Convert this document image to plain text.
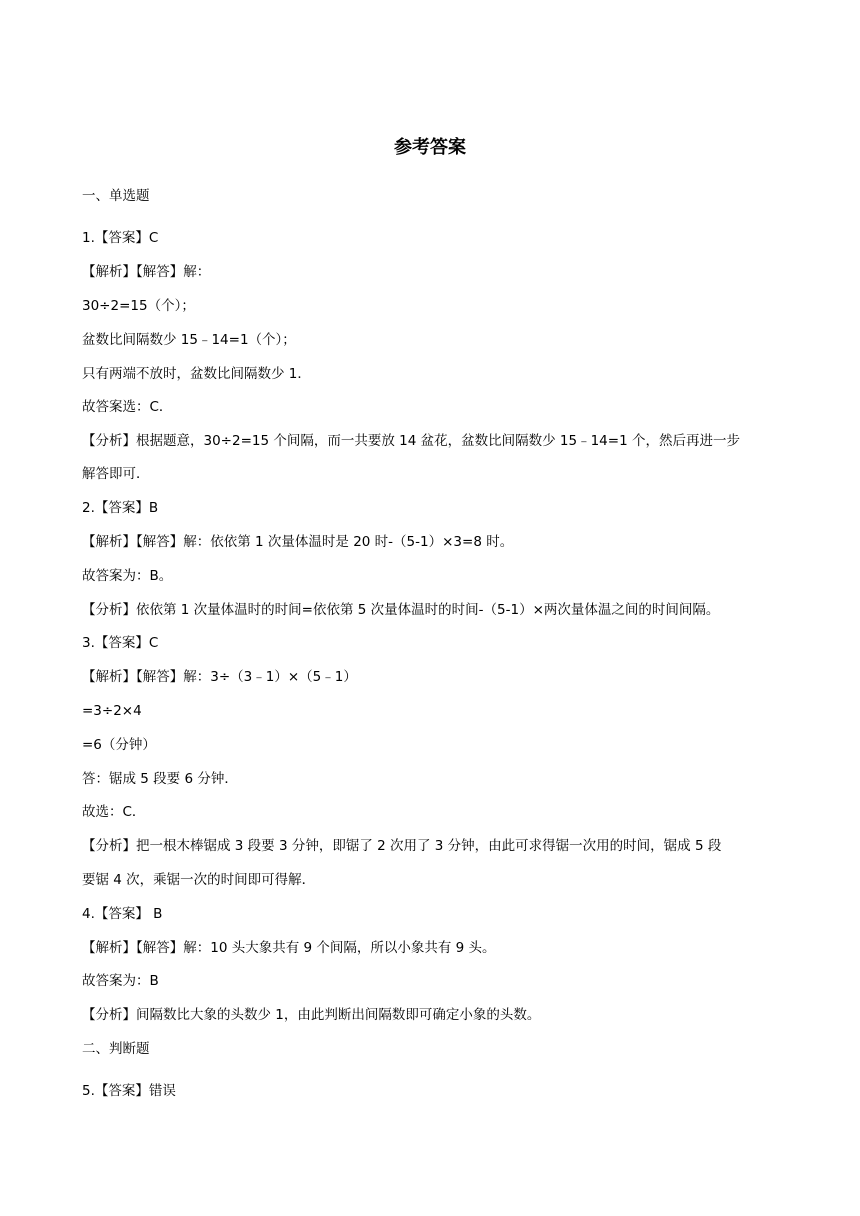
参考答案
一、单选题
1.【答案】C
【解析】【解答】解：
30÷2=15（个）；
盆数比间隔数少 15﹣14=1（个）；
只有两端不放时，盆数比间隔数少 1．
故答案选：C．
【分析】根据题意，30÷2=15 个间隔，而一共要放 14 盆花，盆数比间隔数少 15﹣14=1 个，然后再进一步
解答即可．
2.【答案】B
【解析】【解答】解：依依第 1 次量体温时是 20 时-（5-1）×3=8 时。
故答案为：B。
【分析】依依第 1 次量体温时的时间=依依第 5 次量体温时的时间-（5-1）×两次量体温之间的时间间隔。
3.【答案】C
【解析】【解答】解：3÷（3﹣1）×（5﹣1）
=3÷2×4
=6（分钟）
答：锯成 5 段要 6 分钟．
故选：C．
【分析】把一根木棒锯成 3 段要 3 分钟，即锯了 2 次用了 3 分钟，由此可求得锯一次用的时间，锯成 5 段
要锯 4 次，乘锯一次的时间即可得解．
4.【答案】 B
【解析】【解答】解：10 头大象共有 9 个间隔，所以小象共有 9 头。
故答案为：B
【分析】间隔数比大象的头数少 1，由此判断出间隔数即可确定小象的头数。
二、判断题
5.【答案】错误
